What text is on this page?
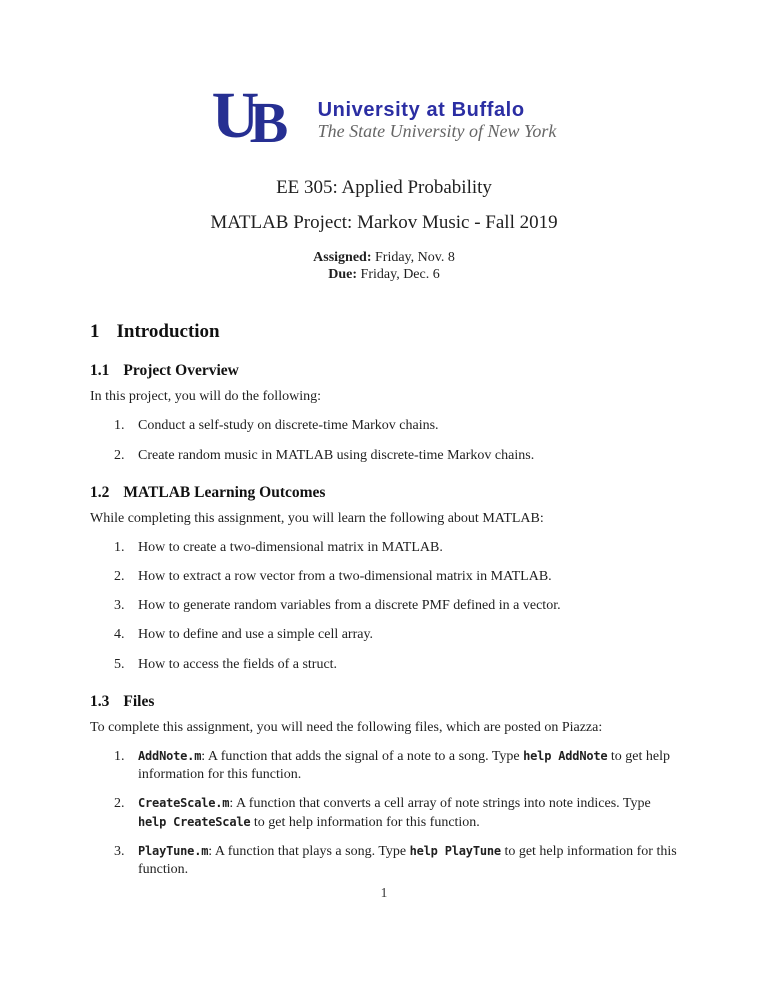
U
B University at Buffalo
The State University of New York
EE 305: Applied Probability
MATLAB Project: Markov Music - Fall 2019
Assigned: Friday, Nov. 8
Due: Friday, Dec. 6
1 Introduction
1.1 Project Overview
In this project, you will do the following:
1. Conduct a self-study on discrete-time Markov chains.
2. Create random music in MATLAB using discrete-time Markov chains.
1.2 MATLAB Learning Outcomes
While completing this assignment, you will learn the following about MATLAB:
1. How to create a two-dimensional matrix in MATLAB.
2. How to extract a row vector from a two-dimensional matrix in MATLAB.
3. How to generate random variables from a discrete PMF defined in a vector.
4. How to define and use a simple cell array.
5. How to access the fields of a struct.
1.3 Files
To complete this assignment, you will need the following files, which are posted on Piazza:
1.	AddNote.m: A function that adds the signal of a note to a song. Type help AddNote to get help information for this function.
2.	CreateScale.m: A function that converts a cell array of note strings into note indices. Type help CreateScale to get help information for this function.
3.	PlayTune.m: A function that plays a song. Type help PlayTune to get help information for this function.
1
